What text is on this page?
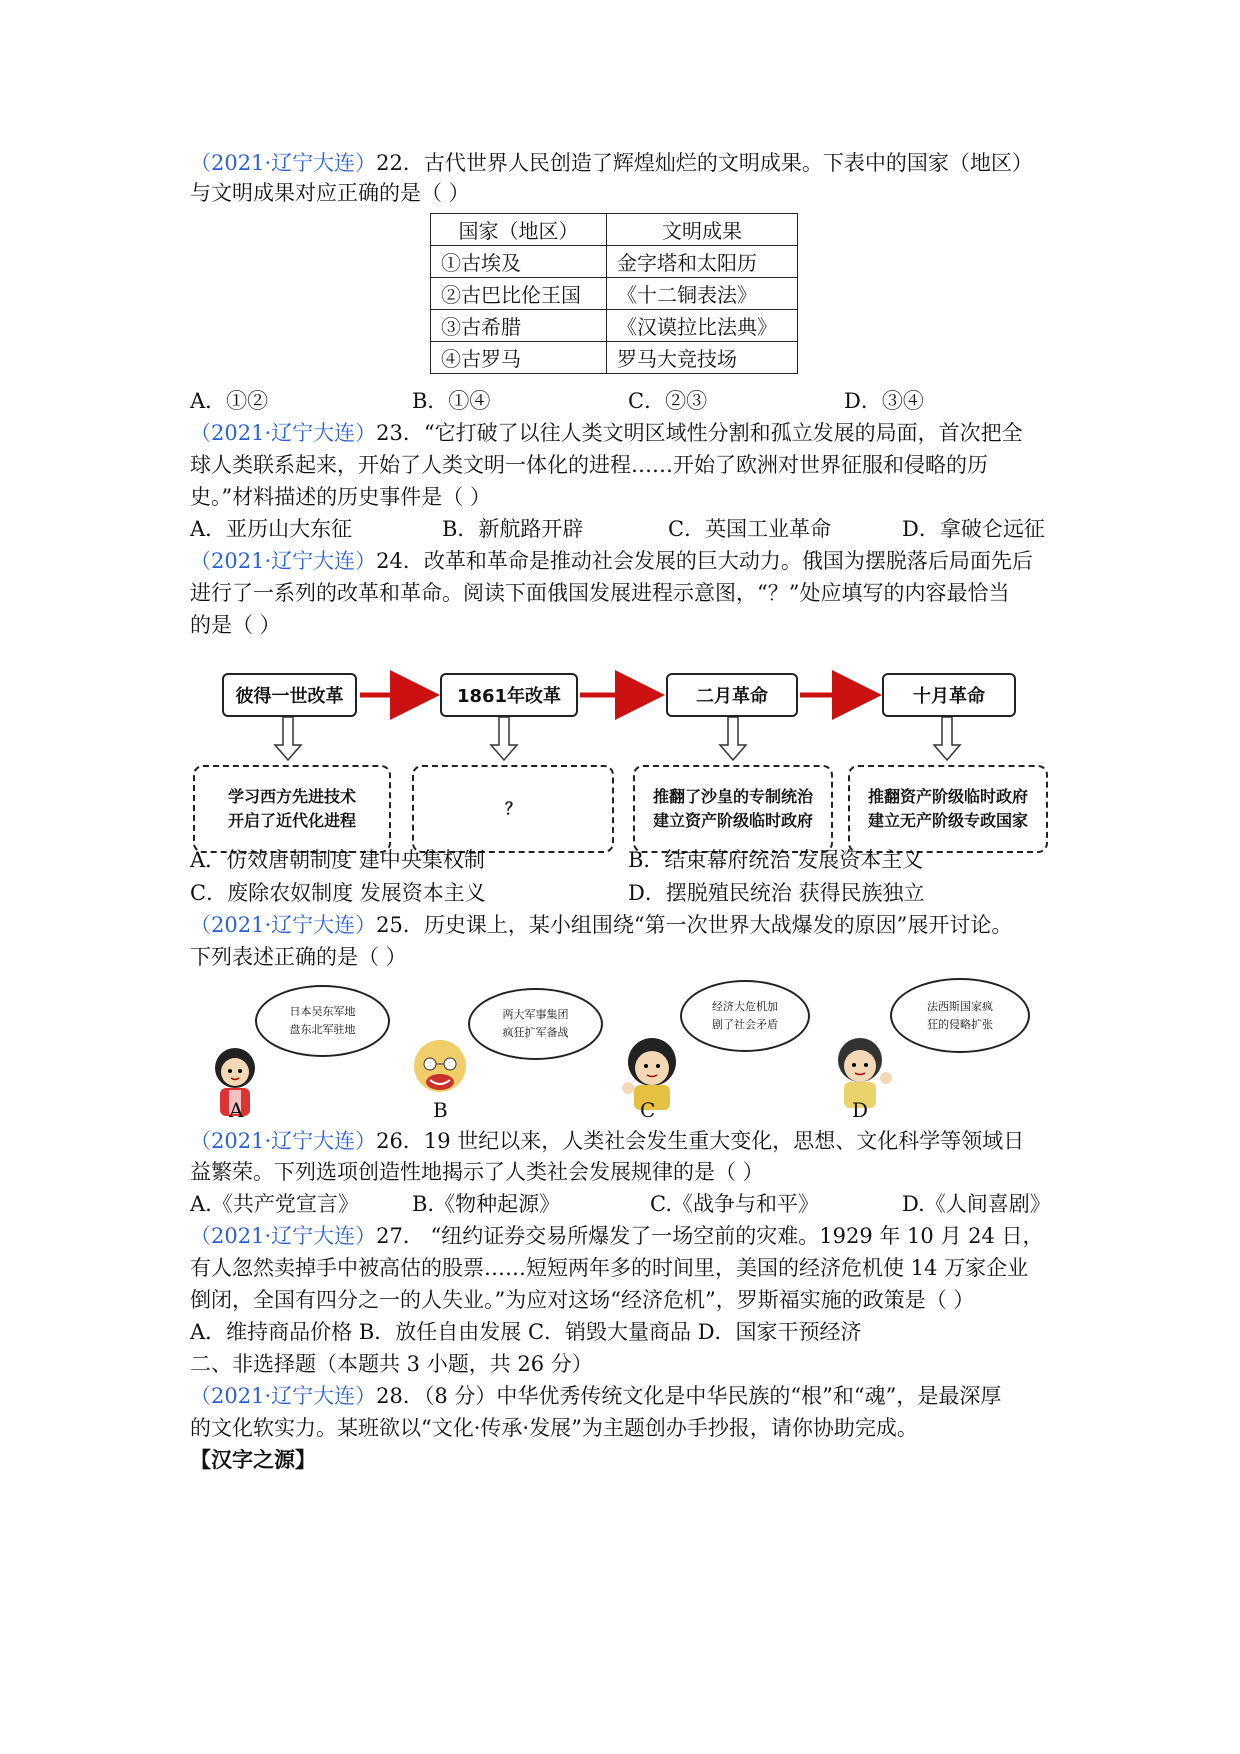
（2021·辽宁大连）22．古代世界人民创造了辉煌灿烂的文明成果。下表中的国家（地区）
与文明成果对应正确的是（ ）
国家（地区）	文明成果
①古埃及	金字塔和太阳历
②古巴比伦王国	《十二铜表法》
③古希腊	《汉谟拉比法典》
④古罗马	罗马大竞技场
A．①②	B．①④	C．②③	D．③④
（2021·辽宁大连）23．“它打破了以往人类文明区域性分割和孤立发展的局面，首次把全
球人类联系起来，开始了人类文明一体化的进程……开始了欧洲对世界征服和侵略的历
史。”材料描述的历史事件是（ ）
A．亚历山大东征	B．新航路开辟	C．英国工业革命	D．拿破仑远征
（2021·辽宁大连）24．改革和革命是推动社会发展的巨大动力。俄国为摆脱落后局面先后
进行了一系列的改革和革命。阅读下面俄国发展进程示意图，“？”处应填写的内容最恰当
的是（ ）
彼得一世改革	1861年改革	二月革命	十月革命
学习西方先进技术
开启了近代化进程
？
推翻了沙皇的专制统治
建立资产阶级临时政府
推翻资产阶级临时政府
建立无产阶级专政国家
A．仿效唐朝制度 建中央集权制	B．结束幕府统治 发展资本主义
C．废除农奴制度 发展资本主义	D．摆脱殖民统治 获得民族独立
（2021·辽宁大连）25．历史课上，某小组围绕“第一次世界大战爆发的原因”展开讨论。
下列表述正确的是（ ）
日本吴东军地
盘东北军驻地
A
两大军事集团
疯狂扩军备战
B
经济大危机加
剧了社会矛盾
C
法西斯国家疯
狂的侵略扩张
D
（2021·辽宁大连）26．19 世纪以来，人类社会发生重大变化，思想、文化科学等领域日
益繁荣。下列选项创造性地揭示了人类社会发展规律的是（ ）
A.《共产党宣言》	B.《物种起源》	C.《战争与和平》	D.《人间喜剧》
（2021·辽宁大连）27． “纽约证券交易所爆发了一场空前的灾难。1929 年 10 月 24 日，
有人忽然卖掉手中被高估的股票……短短两年多的时间里，美国的经济危机使 14 万家企业
倒闭，全国有四分之一的人失业。”为应对这场“经济危机”，罗斯福实施的政策是（ ）
A．维持商品价格 B．放任自由发展 C．销毁大量商品 D．国家干预经济
二、非选择题（本题共 3 小题，共 26 分）
（2021·辽宁大连）28．（8 分）中华优秀传统文化是中华民族的“根”和“魂”，是最深厚
的文化软实力。某班欲以“文化·传承·发展”为主题创办手抄报，请你协助完成。
【汉字之源】
